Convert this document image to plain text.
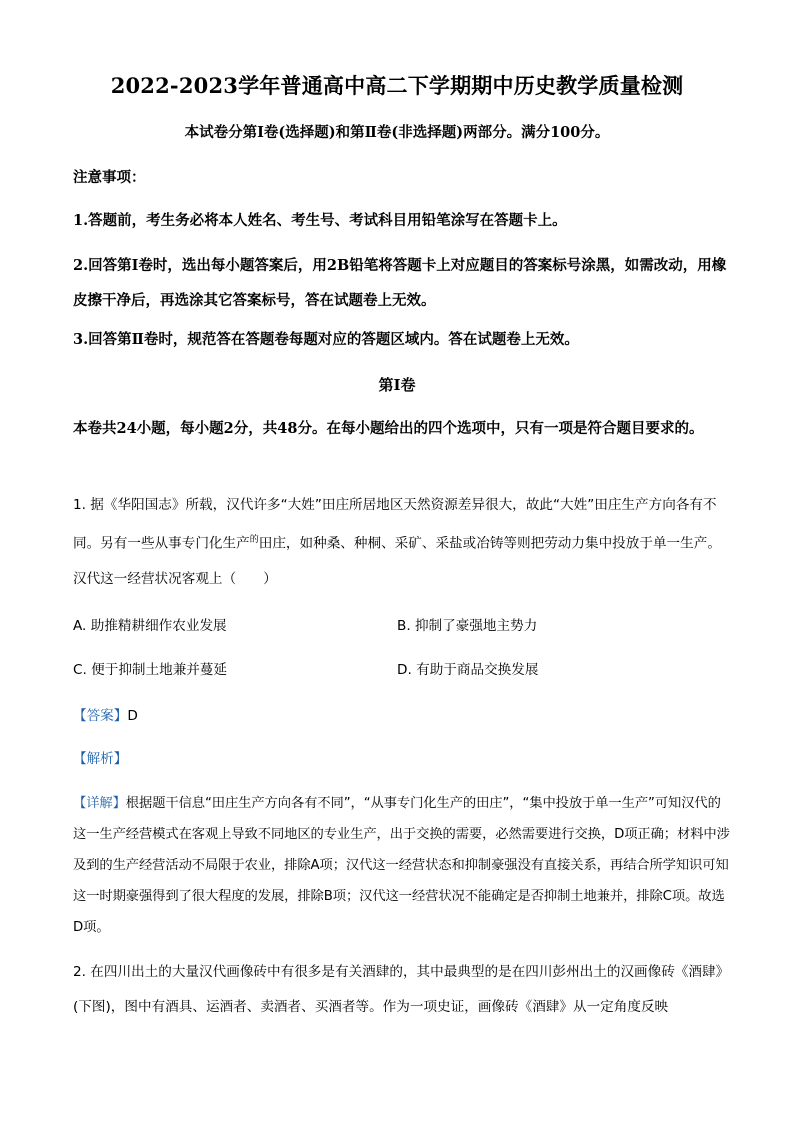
2022-2023学年普通高中高二下学期期中历史教学质量检测

本试卷分第Ⅰ卷(选择题)和第Ⅱ卷(非选择题)两部分。满分100分。

注意事项：

1.答题前，考生务必将本人姓名、考生号、考试科目用铅笔涂写在答题卡上。

2.回答第Ⅰ卷时，选出每小题答案后，用2B铅笔将答题卡上对应题目的答案标号涂黑，如需改动，用橡皮擦干净后，再选涂其它答案标号，答在试题卷上无效。

3.回答第Ⅱ卷时，规范答在答题卷每题对应的答题区域内。答在试题卷上无效。

第Ⅰ卷

本卷共24小题，每小题2分，共48分。在每小题给出的四个选项中，只有一项是符合题目要求的。

1. 据《华阳国志》所载，汉代许多“大姓”田庄所居地区天然资源差异很大，故此“大姓”田庄生产方向各有不同。另有一些从事专门化生产$^的$田庄，如种桑、种桐、采矿、采盐或冶铸等则把劳动力集中投放于单一生产。汉代这一经营状况客观上（　　）

A. 助推精耕细作农业发展	B. 抑制了豪强地主势力
C. 便于抑制土地兼并蔓延	D. 有助于商品交换发展
【答案】D
【解析】

【详解】根据题干信息“田庄生产方向各有不同”，“从事专门化生产的田庄”，“集中投放于单一生产”可知汉代的这一生产经营模式在客观上导致不同地区的专业生产，出于交换的需要，必然需要进行交换，D项正确；材料中涉及到的生产经营活动不局限于农业，排除A项；汉代这一经营状态和抑制豪强没有直接关系，再结合所学知识可知这一时期豪强得到了很大程度的发展，排除B项；汉代这一经营状况不能确定是否抑制土地兼并，排除C项。故选D项。

2. 在四川出土的大量汉代画像砖中有很多是有关酒肆的，其中最典型的是在四川彭州出土的汉画像砖《酒肆》(下图)，图中有酒具、运酒者、卖酒者、买酒者等。作为一项史证，画像砖《酒肆》从一定角度反映
